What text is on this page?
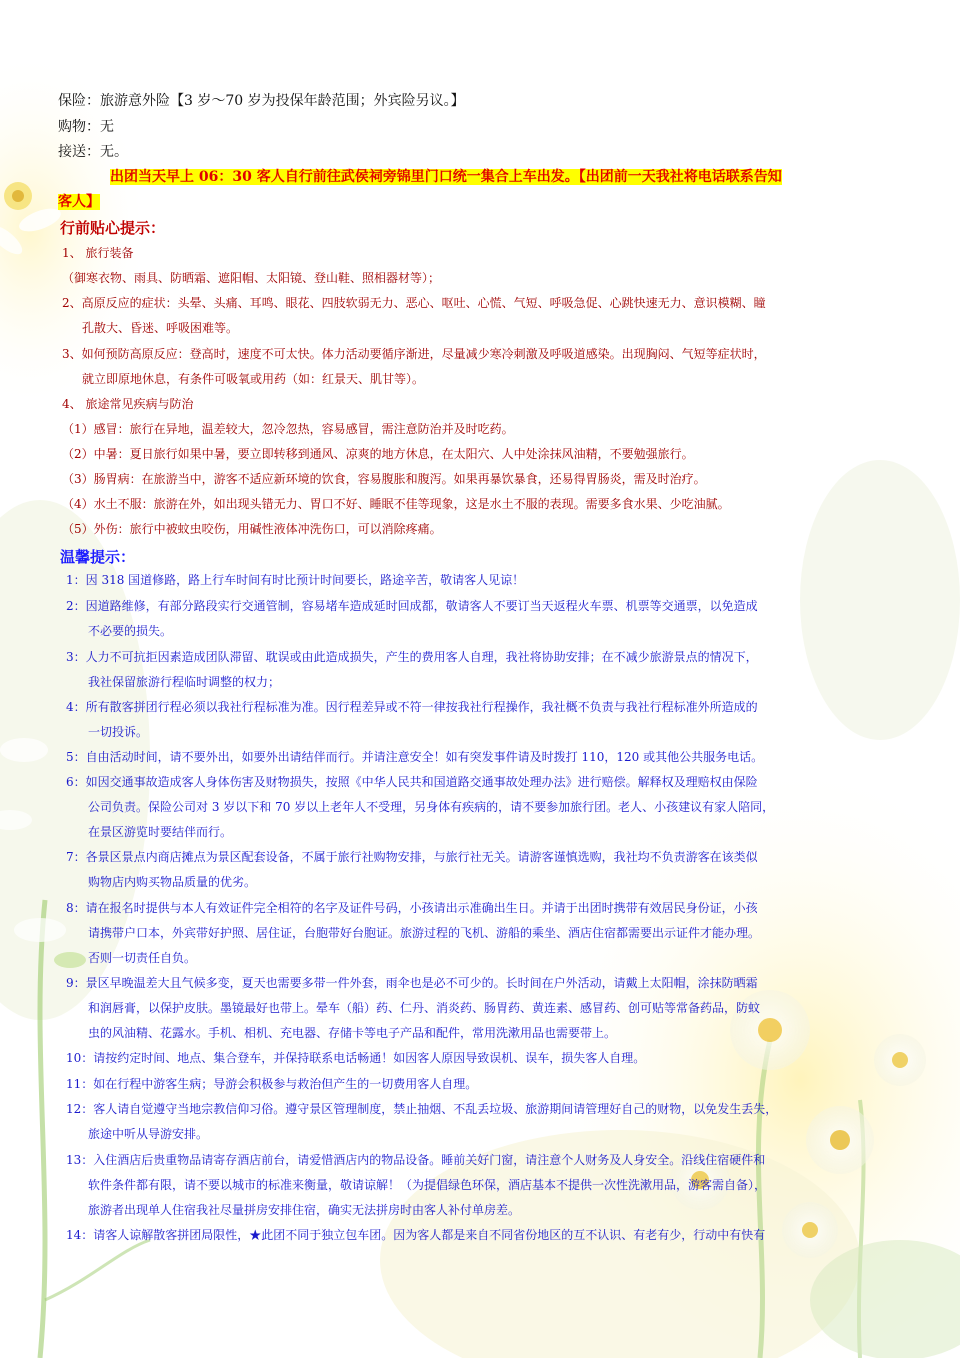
保险：旅游意外险【3 岁～70 岁为投保年龄范围；外宾险另议。】
购物：无
接送：无。
出团当天早上 06：30 客人自行前往武侯祠旁锦里门口统一集合上车出发。【出团前一天我社将电话联系告知
客人】
行前贴心提示：
1、 旅行装备
（御寒衣物、雨具、防晒霜、遮阳帽、太阳镜、登山鞋、照相器材等）；
2、高原反应的症状：头晕、头痛、耳鸣、眼花、四肢软弱无力、恶心、呕吐、心慌、气短、呼吸急促、心跳快速无力、意识模糊、瞳
孔散大、昏迷、呼吸困难等。
3、如何预防高原反应：登高时，速度不可太快。体力活动要循序渐进，尽量减少寒冷刺激及呼吸道感染。出现胸闷、气短等症状时，
就立即原地休息，有条件可吸氧或用药（如：红景天、肌甘等）。
4、 旅途常见疾病与防治
（1）感冒：旅行在异地，温差较大，忽冷忽热，容易感冒，需注意防治并及时吃药。
（2）中暑：夏日旅行如果中暑，要立即转移到通风、凉爽的地方休息，在太阳穴、人中处涂抹风油精，不要勉强旅行。
（3）肠胃病：在旅游当中，游客不适应新环境的饮食，容易腹胀和腹泻。如果再暴饮暴食，还易得胃肠炎，需及时治疗。
（4）水土不服：旅游在外，如出现头错无力、胃口不好、睡眠不佳等现象，这是水土不服的表现。需要多食水果、少吃油腻。
（5）外伤：旅行中被蚊虫咬伤，用碱性液体冲洗伤口，可以消除疼痛。
温馨提示：
1：因 318 国道修路，路上行车时间有时比预计时间要长，路途辛苦，敬请客人见谅！
2：因道路维修，有部分路段实行交通管制，容易堵车造成延时回成都，敬请客人不要订当天返程火车票、机票等交通票，以免造成
不必要的损失。
3：人力不可抗拒因素造成团队滞留、耽误或由此造成损失，产生的费用客人自理，我社将协助安排；在不减少旅游景点的情况下，
我社保留旅游行程临时调整的权力；
4：所有散客拼团行程必须以我社行程标准为准。因行程差异或不符一律按我社行程操作，我社概不负责与我社行程标准外所造成的
一切投诉。
5：自由活动时间，请不要外出，如要外出请结伴而行。并请注意安全！如有突发事件请及时拨打 110，120 或其他公共服务电话。
6：如因交通事故造成客人身体伤害及财物损失，按照《中华人民共和国道路交通事故处理办法》进行赔偿。解释权及理赔权由保险
公司负责。保险公司对 3 岁以下和 70 岁以上老年人不受理，另身体有疾病的，请不要参加旅行团。老人、小孩建议有家人陪同，
在景区游览时要结伴而行。
7：各景区景点内商店摊点为景区配套设备，不属于旅行社购物安排，与旅行社无关。请游客谨慎选购，我社均不负责游客在该类似
购物店内购买物品质量的优劣。
8：请在报名时提供与本人有效证件完全相符的名字及证件号码，小孩请出示准确出生日。并请于出团时携带有效居民身份证，小孩
请携带户口本，外宾带好护照、居住证，台胞带好台胞证。旅游过程的飞机、游船的乘坐、酒店住宿都需要出示证件才能办理。
否则一切责任自负。
9：景区早晚温差大且气候多变，夏天也需要多带一件外套，雨伞也是必不可少的。长时间在户外活动，请戴上太阳帽，涂抹防晒霜
和润唇膏，以保护皮肤。墨镜最好也带上。晕车（船）药、仁丹、消炎药、肠胃药、黄连素、感冒药、创可贴等常备药品，防蚊
虫的风油精、花露水。手机、相机、充电器、存储卡等电子产品和配件，常用洗漱用品也需要带上。
10：请按约定时间、地点、集合登车，并保持联系电话畅通！如因客人原因导致误机、误车，损失客人自理。
11：如在行程中游客生病；导游会积极参与救治但产生的一切费用客人自理。
12：客人请自觉遵守当地宗教信仰习俗。遵守景区管理制度，禁止抽烟、不乱丢垃圾、旅游期间请管理好自己的财物，以免发生丢失，
旅途中听从导游安排。
13：入住酒店后贵重物品请寄存酒店前台，请爱惜酒店内的物品设备。睡前关好门窗，请注意个人财务及人身安全。沿线住宿硬件和
软件条件都有限，请不要以城市的标准来衡量，敬请谅解！（为提倡绿色环保，酒店基本不提供一次性洗漱用品，游客需自备），
旅游者出现单人住宿我社尽量拼房安排住宿，确实无法拼房时由客人补付单房差。
14：请客人谅解散客拼团局限性，★此团不同于独立包车团。因为客人都是来自不同省份地区的互不认识、有老有少，行动中有快有
